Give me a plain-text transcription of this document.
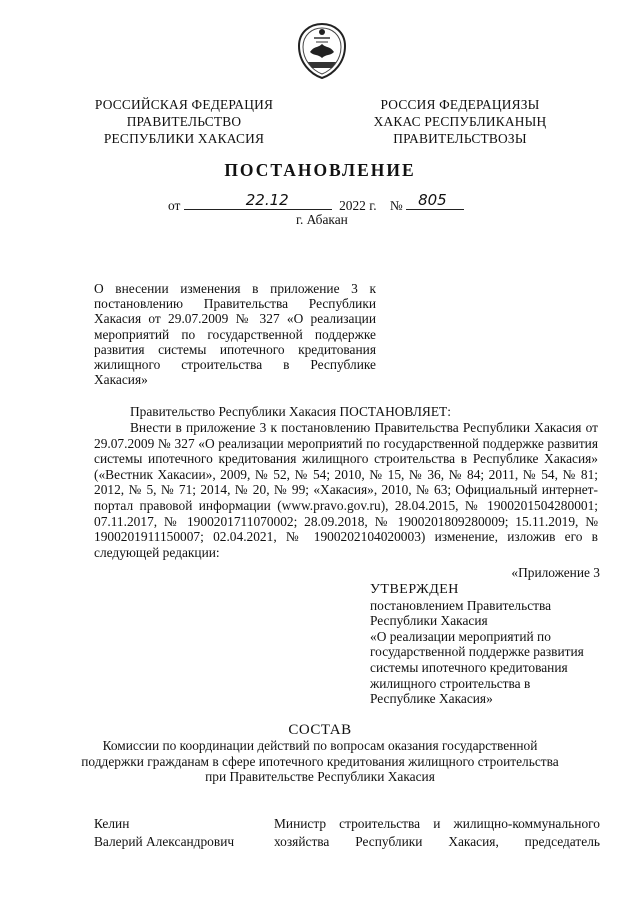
РОССИЙСКАЯ ФЕДЕРАЦИЯ
ПРАВИТЕЛЬСТВО
РЕСПУБЛИКИ ХАКАСИЯ
РОССИЯ ФЕДЕРАЦИЯЗЫ
ХАКАС РЕСПУБЛИКАНЫҢ
ПРАВИТЕЛЬСТВОЗЫ
ПОСТАНОВЛЕНИЕ
от	22.12	2022 г. № 805
г. Абакан
О внесении изменения в приложение 3 к постановлению Правительства Республики Хакасия от 29.07.2009 № 327 «О реализации мероприятий по государственной поддержке развития системы ипотечного кредитования жилищного строительства в Республике Хакасия»
Правительство Республики Хакасия ПОСТАНОВЛЯЕТ:
Внести в приложение 3 к постановлению Правительства Республики Хакасия от 29.07.2009 № 327 «О реализации мероприятий по государственной поддержке развития системы ипотечного кредитования жилищного строительства в Республике Хакасия» («Вестник Хакасии», 2009, № 52, № 54; 2010, № 15, № 36, № 84; 2011, № 54, № 81; 2012, № 5, № 71; 2014, № 20, № 99; «Хакасия», 2010, № 63; Официальный интернет-портал правовой информации (www.pravo.gov.ru), 28.04.2015, № 1900201504280001; 07.11.2017, № 1900201711070002; 28.09.2018, № 1900201809280009; 15.11.2019, № 1900201911150007; 02.04.2021, № 1900202104020003) изменение, изложив его в следующей редакции:
«Приложение 3
УТВЕРЖДЕН
постановлением Правительства
Республики Хакасия
«О реализации мероприятий по
государственной поддержке развития
системы ипотечного кредитования
жилищного строительства в
Республике Хакасия»
СОСТАВ
Комиссии по координации действий по вопросам оказания государственной поддержки гражданам в сфере ипотечного кредитования жилищного строительства при Правительстве Республики Хакасия
Келин
Валерий Александрович
Министр строительства и жилищно-коммунального хозяйства Республики Хакасия, председатель
